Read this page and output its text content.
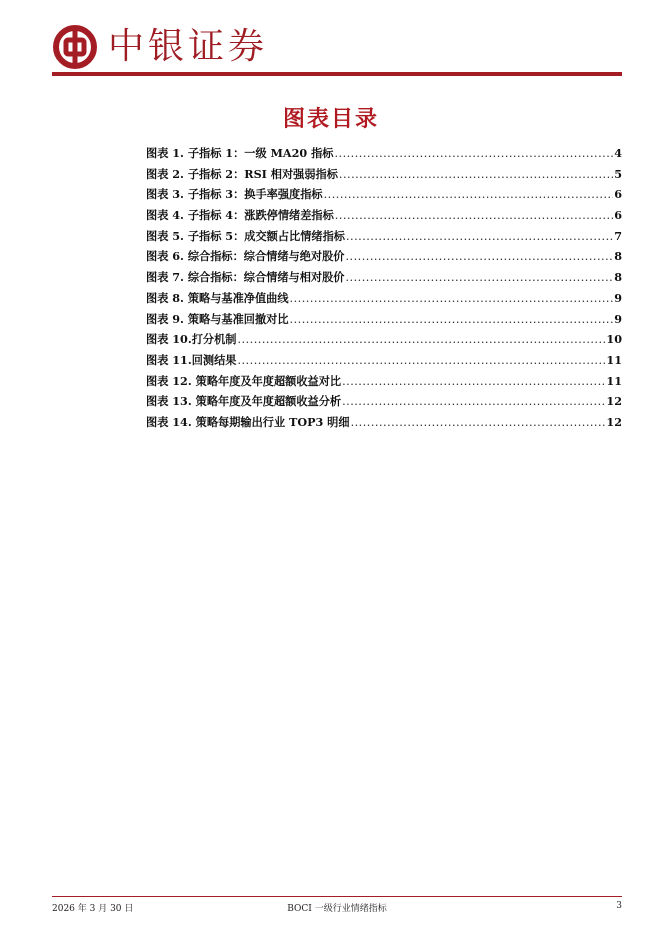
中银证券
图表目录
图表 1. 子指标 1：一级 MA20 指标 .....	4
图表 2. 子指标 2：RSI 相对强弱指标 .....	5
图表 3. 子指标 3：换手率强度指标 .....	6
图表 4. 子指标 4：涨跌停情绪差指标 .....	6
图表 5. 子指标 5：成交额占比情绪指标 .....	7
图表 6. 综合指标：综合情绪与绝对股价 .....	8
图表 7. 综合指标：综合情绪与相对股价 .....	8
图表 8. 策略与基准净值曲线 .....	9
图表 9. 策略与基准回撤对比 .....	9
图表 10.打分机制 .....	10
图表 11.回测结果 .....	11
图表 12. 策略年度及年度超额收益对比 .....	11
图表 13. 策略年度及年度超额收益分析 .....	12
图表 14. 策略每期输出行业 TOP3 明细 .....	12
2026 年 3 月 30 日	BOCI 一级行业情绪指标	3
